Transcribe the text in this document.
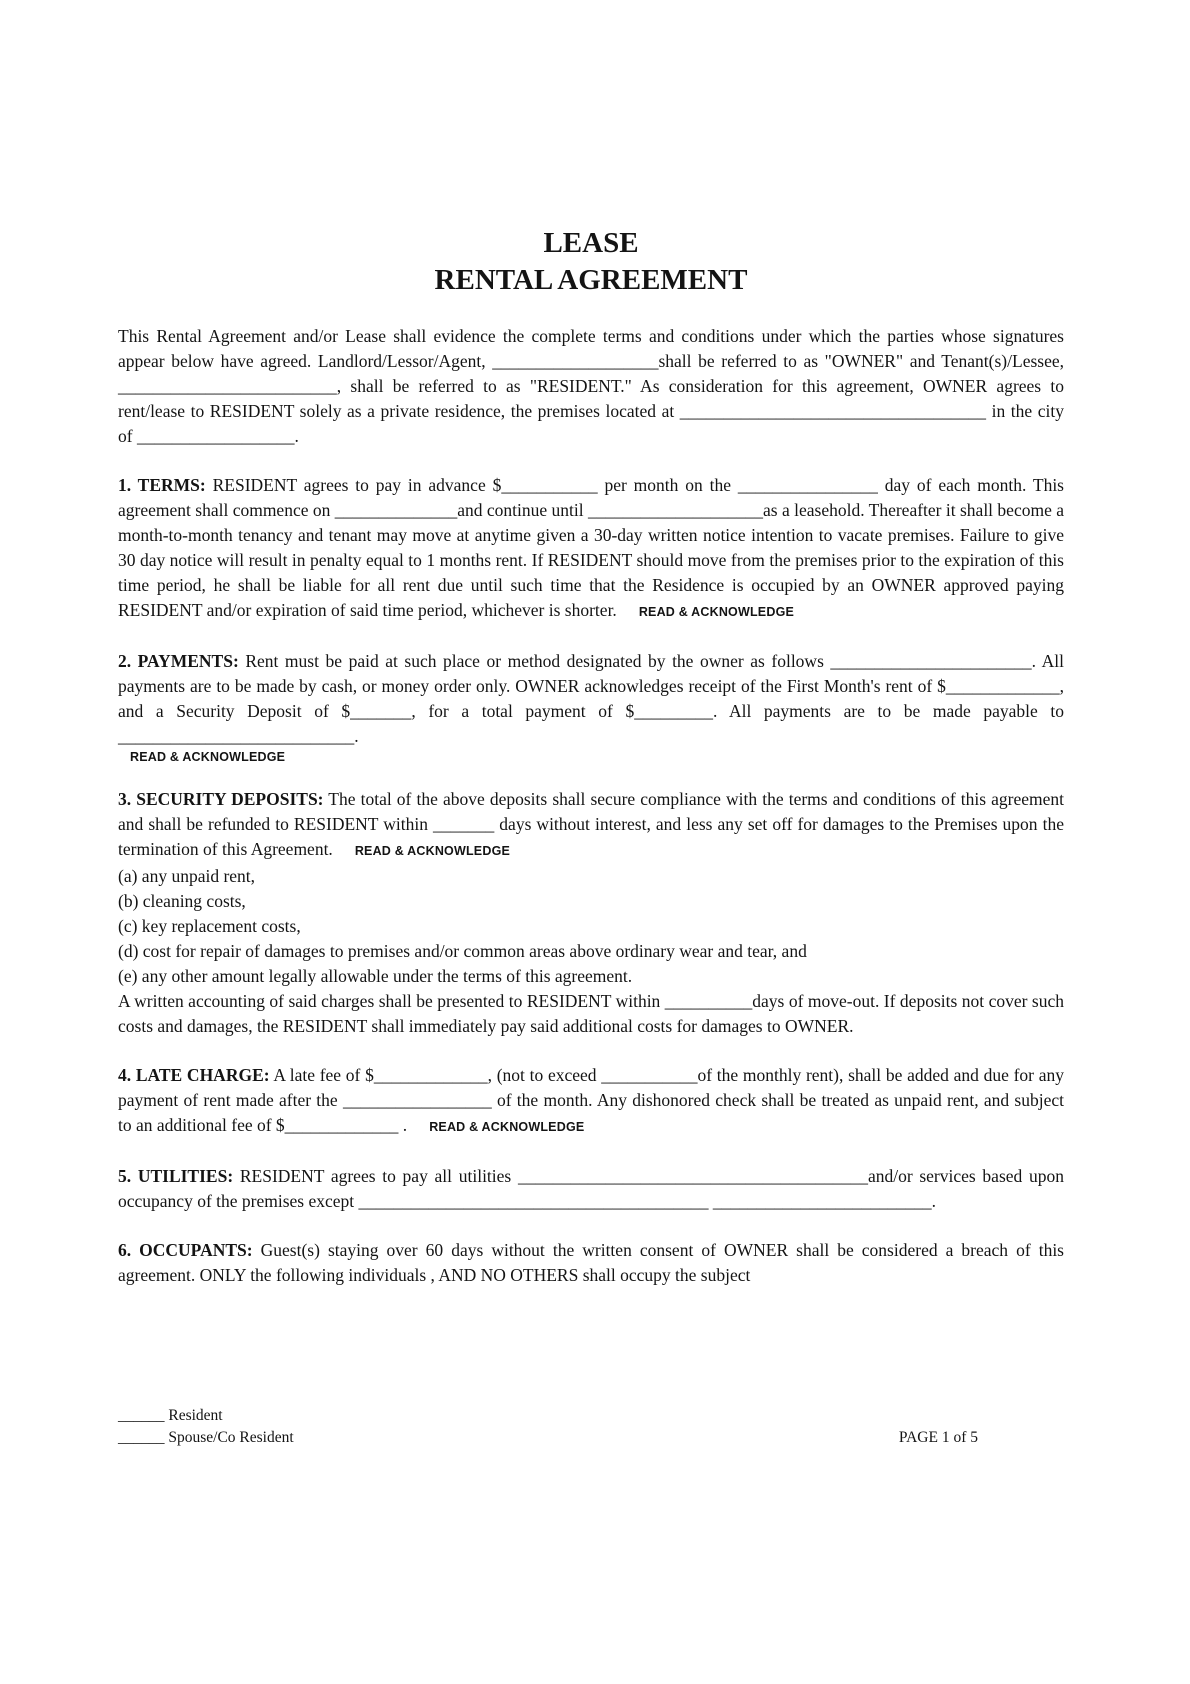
LEASE
RENTAL AGREEMENT

This Rental Agreement and/or Lease shall evidence the complete terms and conditions under which the parties whose signatures appear below have agreed. Landlord/Lessor/Agent, ___________________shall be referred to as "OWNER" and Tenant(s)/Lessee, _________________________, shall be referred to as "RESIDENT." As consideration for this agreement, OWNER agrees to rent/lease to RESIDENT solely as a private residence, the premises located at ___________________________________ in the city of __________________.

1. TERMS: RESIDENT agrees to pay in advance $___________ per month on the ________________ day of each month. This agreement shall commence on ______________and continue until ____________________as a leasehold. Thereafter it shall become a month-to-month tenancy and tenant may move at anytime given a 30-day written notice intention to vacate premises. Failure to give 30 day notice will result in penalty equal to 1 months rent. If RESIDENT should move from the premises prior to the expiration of this time period, he shall be liable for all rent due until such time that the Residence is occupied by an OWNER approved paying RESIDENT and/or expiration of said time period, whichever is shorter. READ & ACKNOWLEDGE

2. PAYMENTS: Rent must be paid at such place or method designated by the owner as follows _______________________. All payments are to be made by cash, or money order only. OWNER acknowledges receipt of the First Month's rent of $_____________, and a Security Deposit of $_______, for a total payment of $_________. All payments are to be made payable to ___________________________.
READ & ACKNOWLEDGE

3. SECURITY DEPOSITS: The total of the above deposits shall secure compliance with the terms and conditions of this agreement and shall be refunded to RESIDENT within _______ days without interest, and less any set off for damages to the Premises upon the termination of this Agreement. READ & ACKNOWLEDGE

(a) any unpaid rent,
(b) cleaning costs,
(c) key replacement costs,
(d) cost for repair of damages to premises and/or common areas above ordinary wear and tear, and
(e) any other amount legally allowable under the terms of this agreement.

A written accounting of said charges shall be presented to RESIDENT within __________days of move-out. If deposits not cover such costs and damages, the RESIDENT shall immediately pay said additional costs for damages to OWNER.

4. LATE CHARGE: A late fee of $_____________, (not to exceed ___________of the monthly rent), shall be added and due for any payment of rent made after the _________________ of the month. Any dishonored check shall be treated as unpaid rent, and subject to an additional fee of $_____________ . READ & ACKNOWLEDGE

5. UTILITIES: RESIDENT agrees to pay all utilities ________________________________________and/or services based upon occupancy of the premises except ________________________________________ _________________________.

6. OCCUPANTS: Guest(s) staying over 60 days without the written consent of OWNER shall be considered a breach of this agreement. ONLY the following individuals , AND NO OTHERS shall occupy the subject

______ Resident
______ Spouse/Co Resident	PAGE 1 of 5
